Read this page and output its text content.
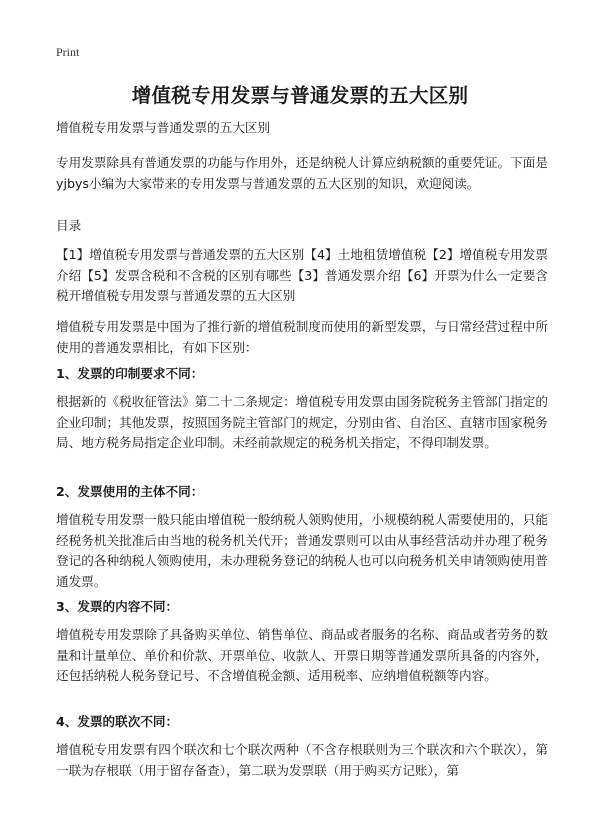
Print
增值税专用发票与普通发票的五大区别

增值税专用发票与普通发票的五大区别

专用发票除具有普通发票的功能与作用外，还是纳税人计算应纳税额的重要凭证。下面是yjbys小编为大家带来的专用发票与普通发票的五大区别的知识，欢迎阅读。

目录

【1】增值税专用发票与普通发票的五大区别【4】土地租赁增值税【2】增值税专用发票介绍【5】发票含税和不含税的区别有哪些【3】普通发票介绍【6】开票为什么一定要含税开增值税专用发票与普通发票的五大区别

增值税专用发票是中国为了推行新的增值税制度而使用的新型发票，与日常经营过程中所使用的普通发票相比，有如下区别：

1、发票的印制要求不同：

根据新的《税收征管法》第二十二条规定：增值税专用发票由国务院税务主管部门指定的企业印制；其他发票，按照国务院主管部门的规定，分别由省、自治区、直辖市国家税务局、地方税务局指定企业印制。未经前款规定的税务机关指定，不得印制发票。

2、发票使用的主体不同：

增值税专用发票一般只能由增值税一般纳税人领购使用，小规模纳税人需要使用的，只能经税务机关批准后由当地的税务机关代开；普通发票则可以由从事经营活动并办理了税务登记的各种纳税人领购使用，未办理税务登记的纳税人也可以向税务机关申请领购使用普通发票。

3、发票的内容不同：

增值税专用发票除了具备购买单位、销售单位、商品或者服务的名称、商品或者劳务的数量和计量单位、单价和价款、开票单位、收款人、开票日期等普通发票所具备的内容外，还包括纳税人税务登记号、不含增值税金额、适用税率、应纳增值税额等内容。

4、发票的联次不同：

增值税专用发票有四个联次和七个联次两种（不含存根联则为三个联次和六个联次），第一联为存根联（用于留存备查），第二联为发票联（用于购买方记账），第
